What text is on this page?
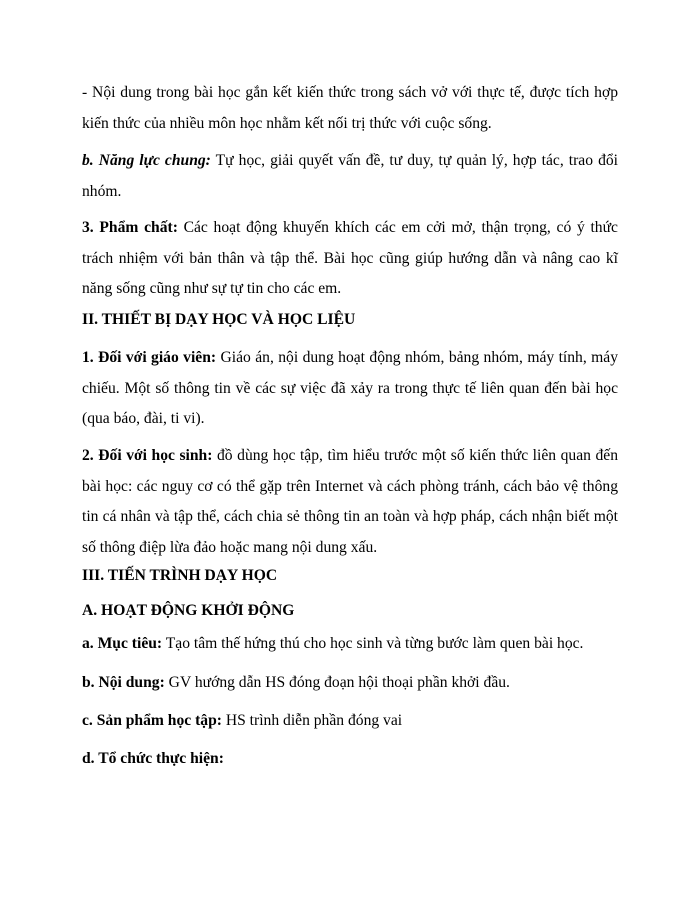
- Nội dung trong bài học gắn kết kiến thức trong sách vở với thực tế, được tích hợp kiến thức của nhiều môn học nhằm kết nối trị thức với cuộc sống.

b. Năng lực chung: Tự học, giải quyết vấn đề, tư duy, tự quản lý, hợp tác, trao đổi nhóm.

3. Phẩm chất: Các hoạt động khuyến khích các em cởi mở, thận trọng, có ý thức trách nhiệm với bản thân và tập thể. Bài học cũng giúp hướng dẫn và nâng cao kĩ năng sống cũng như sự tự tin cho các em.

II. THIẾT BỊ DẠY HỌC VÀ HỌC LIỆU

1. Đối với giáo viên: Giáo án, nội dung hoạt động nhóm, bảng nhóm, máy tính, máy chiếu. Một số thông tin về các sự việc đã xảy ra trong thực tế liên quan đến bài học (qua báo, đài, ti vi).

2. Đối với học sinh: đồ dùng học tập, tìm hiểu trước một số kiến thức liên quan đến bài học: các nguy cơ có thể gặp trên Internet và cách phòng tránh, cách bảo vệ thông tin cá nhân và tập thể, cách chia sẻ thông tin an toàn và hợp pháp, cách nhận biết một số thông điệp lừa đảo hoặc mang nội dung xấu.

III. TIẾN TRÌNH DẠY HỌC

A. HOẠT ĐỘNG KHỞI ĐỘNG

a. Mục tiêu: Tạo tâm thế hứng thú cho học sinh và từng bước làm quen bài học.

b. Nội dung: GV hướng dẫn HS đóng đoạn hội thoại phần khởi đầu.

c. Sản phẩm học tập: HS trình diễn phần đóng vai

d. Tổ chức thực hiện:
